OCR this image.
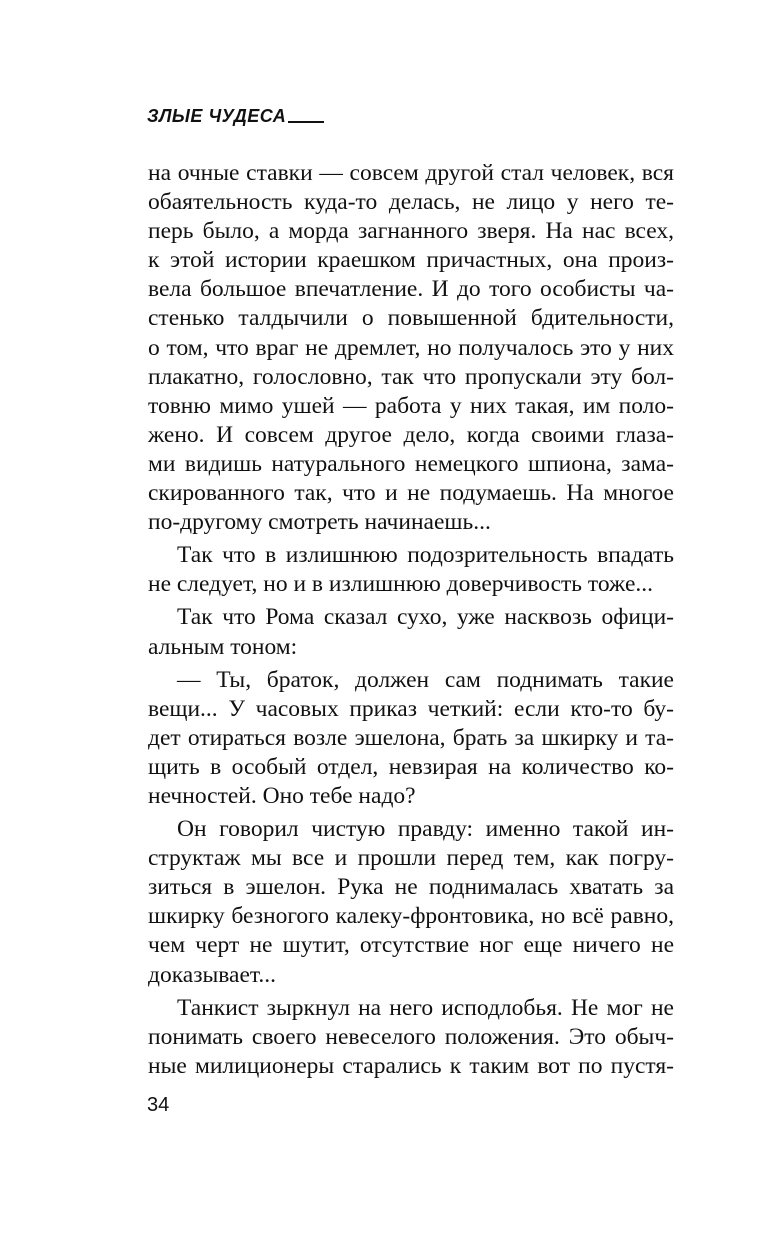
ЗЛЫЕ ЧУДЕСА
на очные ставки — совсем другой стал человек, вся
обаятельность куда-то делась, не лицо у него те-
перь было, а морда загнанного зверя. На нас всех,
к этой истории краешком причастных, она произ-
вела большое впечатление. И до того особисты ча-
стенько талдычили о повышенной бдительности,
о том, что враг не дремлет, но получалось это у них
плакатно, голословно, так что пропускали эту бол-
товню мимо ушей — работа у них такая, им поло-
жено. И совсем другое дело, когда своими глаза-
ми видишь натурального немецкого шпиона, зама-
скированного так, что и не подумаешь. На многое
по-другому смотреть начинаешь...
Так что в излишнюю подозрительность впадать
не следует, но и в излишнюю доверчивость тоже...
Так что Рома сказал сухо, уже насквозь офици-
альным тоном:
— Ты, браток, должен сам поднимать такие
вещи... У часовых приказ четкий: если кто-то бу-
дет отираться возле эшелона, брать за шкирку и та-
щить в особый отдел, невзирая на количество ко-
нечностей. Оно тебе надо?
Он говорил чистую правду: именно такой ин-
структаж мы все и прошли перед тем, как погру-
зиться в эшелон. Рука не поднималась хватать за
шкирку безногого калеку-фронтовика, но всё равно,
чем черт не шутит, отсутствие ног еще ничего не
доказывает...
Танкист зыркнул на него исподлобья. Не мог не
понимать своего невеселого положения. Это обыч-
ные милиционеры старались к таким вот по пустя-
34
